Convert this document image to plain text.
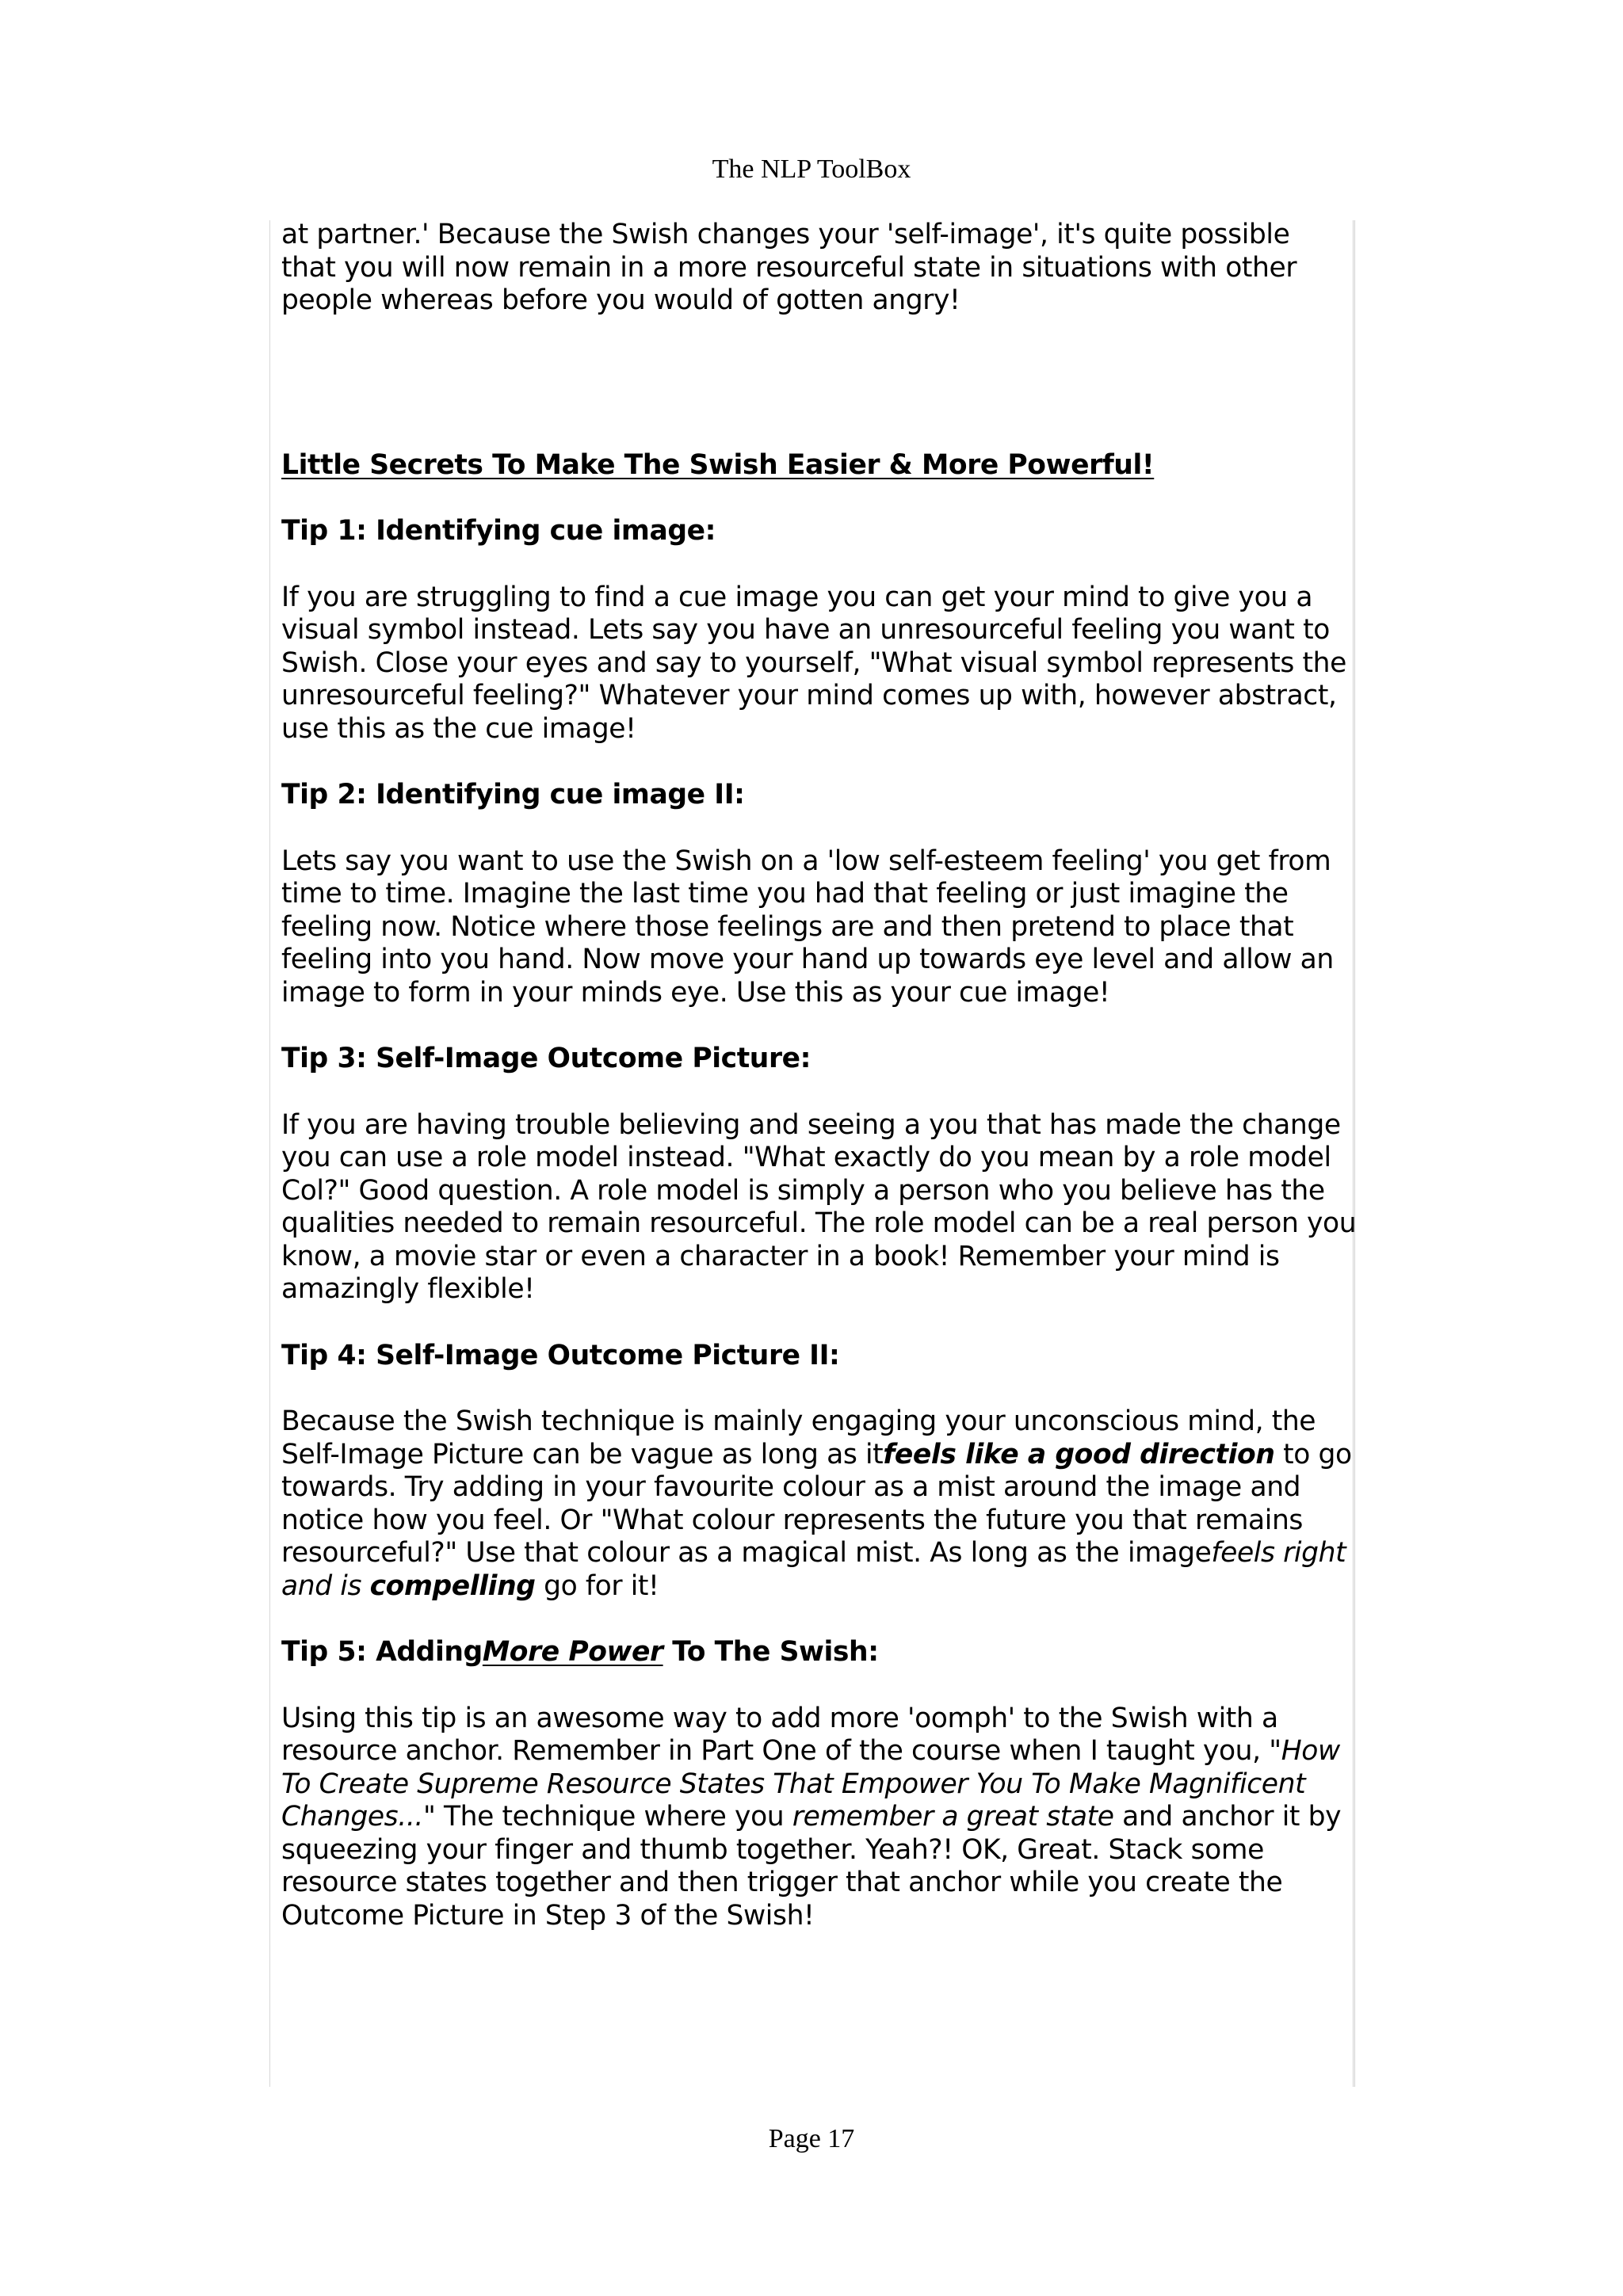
The NLP ToolBox

at partner.' Because the Swish changes your 'self-image', it's quite possible

that you will now remain in a more resourceful state in situations with other

people whereas before you would of gotten angry!

Little Secrets To Make The Swish Easier & More Powerful!

Tip 1: Identifying cue image:

If you are struggling to find a cue image you can get your mind to give you a

visual symbol instead. Lets say you have an unresourceful feeling you want to

Swish. Close your eyes and say to yourself, "What visual symbol represents the

unresourceful feeling?" Whatever your mind comes up with, however abstract,

use this as the cue image!

Tip 2: Identifying cue image II:

Lets say you want to use the Swish on a 'low self-esteem feeling' you get from

time to time. Imagine the last time you had that feeling or just imagine the

feeling now. Notice where those feelings are and then pretend to place that

feeling into you hand. Now move your hand up towards eye level and allow an

image to form in your minds eye. Use this as your cue image!

Tip 3: Self-Image Outcome Picture:

If you are having trouble believing and seeing a you that has made the change

you can use a role model instead. "What exactly do you mean by a role model

Col?" Good question. A role model is simply a person who you believe has the

qualities needed to remain resourceful. The role model can be a real person you

know, a movie star or even a character in a book! Remember your mind is

amazingly flexible!

Tip 4: Self-Image Outcome Picture II:

Because the Swish technique is mainly engaging your unconscious mind, the

Self-Image Picture can be vague as long as itfeels like a good direction to go

towards. Try adding in your favourite colour as a mist around the image and

notice how you feel. Or "What colour represents the future you that remains

resourceful?" Use that colour as a magical mist. As long as the imagefeels right

and is compelling go for it!

Tip 5: AddingMore Power To The Swish:

Using this tip is an awesome way to add more 'oomph' to the Swish with a

resource anchor. Remember in Part One of the course when I taught you, "How

To Create Supreme Resource States That Empower You To Make Magnificent

Changes..." The technique where you remember a great state and anchor it by

squeezing your finger and thumb together. Yeah?! OK, Great. Stack some

resource states together and then trigger that anchor while you create the

Outcome Picture in Step 3 of the Swish!

Page 17
